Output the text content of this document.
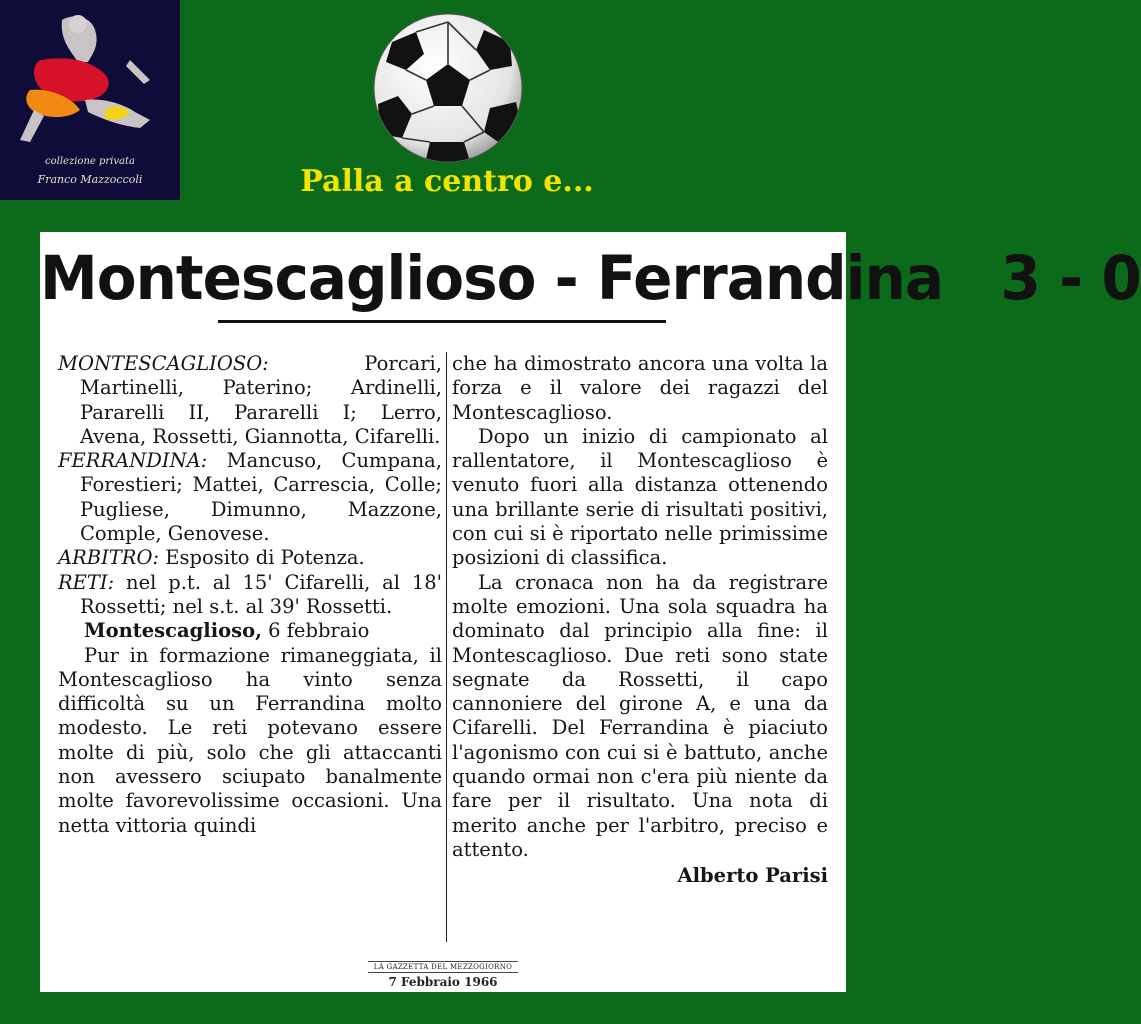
collezione privata
Franco Mazzoccoli	Palla a centro e...
Montescaglioso - Ferrandina   3 - 0

MONTESCAGLIOSO:	Porcari, Martinelli, Paterino; Ardinelli, Pararelli II, Pararelli I; Lerro, Avena, Rossetti, Giannotta, Cifarelli.

FERRANDINA: Mancuso, Cumpana, Forestieri; Mattei, Carrescia, Colle; Pugliese, Dimunno, Mazzone, Comple, Genovese.

ARBITRO: Esposito di Potenza.

RETI: nel p.t. al 15' Cifarelli, al 18' Rossetti; nel s.t. al 39' Rossetti.

Montescaglioso, 6 febbraio

Pur in formazione rimaneggiata, il Montescaglioso ha vinto senza difficoltà su un Ferrandina molto modesto. Le reti potevano essere molte di più, solo che gli attaccanti non avessero sciupato banalmente molte favorevolissime occasioni. Una netta vittoria quindi

che ha dimostrato ancora una volta la forza e il valore dei ragazzi del Montescaglioso.

Dopo un inizio di campionato al rallentatore, il Montescaglioso è venuto fuori alla distanza ottenendo una brillante serie di risultati positivi, con cui si è riportato nelle primissime posizioni di classifica.

La cronaca non ha da registrare molte emozioni. Una sola squadra ha dominato dal principio alla fine: il Montescaglioso. Due reti sono state segnate da Rossetti, il capo cannoniere del girone A, e una da Cifarelli. Del Ferrandina è piaciuto l'agonismo con cui si è battuto, anche quando ormai non c'era più niente da fare per il risultato. Una nota di merito anche per l'arbitro, preciso e attento.

Alberto Parisi

LA GAZZETTA DEL MEZZOGIORNO
7 Febbraio 1966
